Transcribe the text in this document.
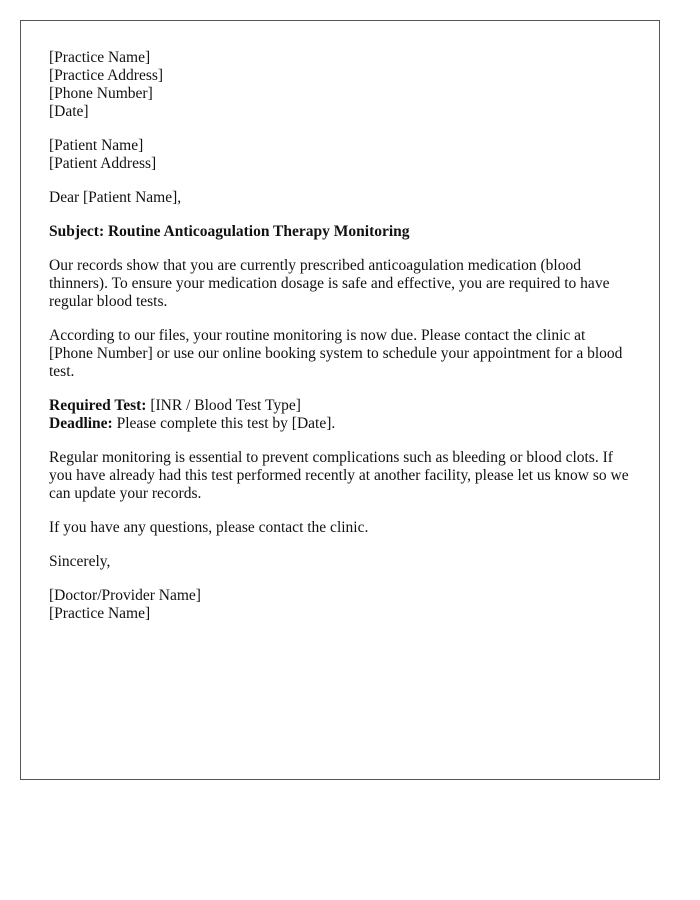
[Practice Name]
[Practice Address]
[Phone Number]
[Date]
[Patient Name]
[Patient Address]

Dear [Patient Name],

Subject: Routine Anticoagulation Therapy Monitoring

Our records show that you are currently prescribed anticoagulation medication (blood thinners). To ensure your medication dosage is safe and effective, you are required to have regular blood tests.

According to our files, your routine monitoring is now due. Please contact the clinic at [Phone Number] or use our online booking system to schedule your appointment for a blood test.

Required Test: [INR / Blood Test Type]
Deadline: Please complete this test by [Date].

Regular monitoring is essential to prevent complications such as bleeding or blood clots. If you have already had this test performed recently at another facility, please let us know so we can update your records.

If you have any questions, please contact the clinic.

Sincerely,

[Doctor/Provider Name]
[Practice Name]
